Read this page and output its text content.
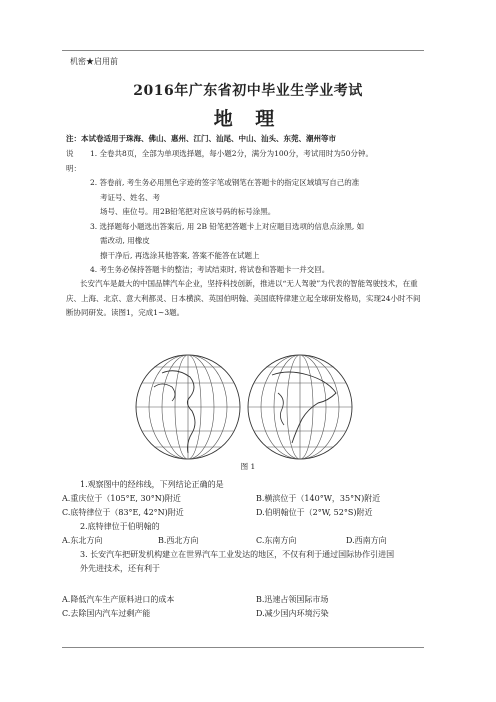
机密★启用前
2016年广东省初中毕业生学业考试
地 理
注：本试卷适用于珠海、佛山、惠州、江门、汕尾、中山、汕头、东莞、潮州等市
说 明：
1. 全卷共8页，全部为单项选择题，每小题2分，满分为100分，考试用时为50分钟。
2. 答卷前, 考生务必用黑色字迹的签字笔或钢笔在答题卡的指定区域填写自己的准
考证号、姓名、考
场号、座位号。用2B铅笔把对应该号码的标号涂黑。
3. 选择题每小题选出答案后, 用 2B 铅笔把答题卡上对应题目选项的信息点涂黑, 如
需改动, 用橡皮
擦干净后, 再选涂其他答案, 答案不能答在试题上
4. 考生务必保持答题卡的整洁；考试结束时, 将试卷和答题卡一并交回。
长安汽车是最大的中国品牌汽车企业，坚持科技创新，推进以“无人驾驶”为代表的智能驾驶技术，在重庆、上海、北京、意大利都灵、日本横滨、英国伯明翰、美国底特律建立起全球研发格局，实现24小时不间断协同研发。读图1，完成1~3题。
图 1
1.观察图中的经纬线，下列结论正确的是
A.重庆位于（105°E, 30°N)附近	B.横滨位于（140°W，35°N)附近
C.底特律位于（83°E, 42°N)附近	D.伯明翰位于（2°W, 52°S)附近
2.底特律位于伯明翰的
A.东北方向	B.西北方向	C.东南方向	D.西南方向
3. 长安汽车把研发机构建立在世界汽车工业发达的地区，不仅有利于通过国际协作引进国
外先进技术，还有利于
A.降低汽车生产原料进口的成本	B.迅速占领国际市场
C.去除国内汽车过剩产能	D.减少国内环境污染
